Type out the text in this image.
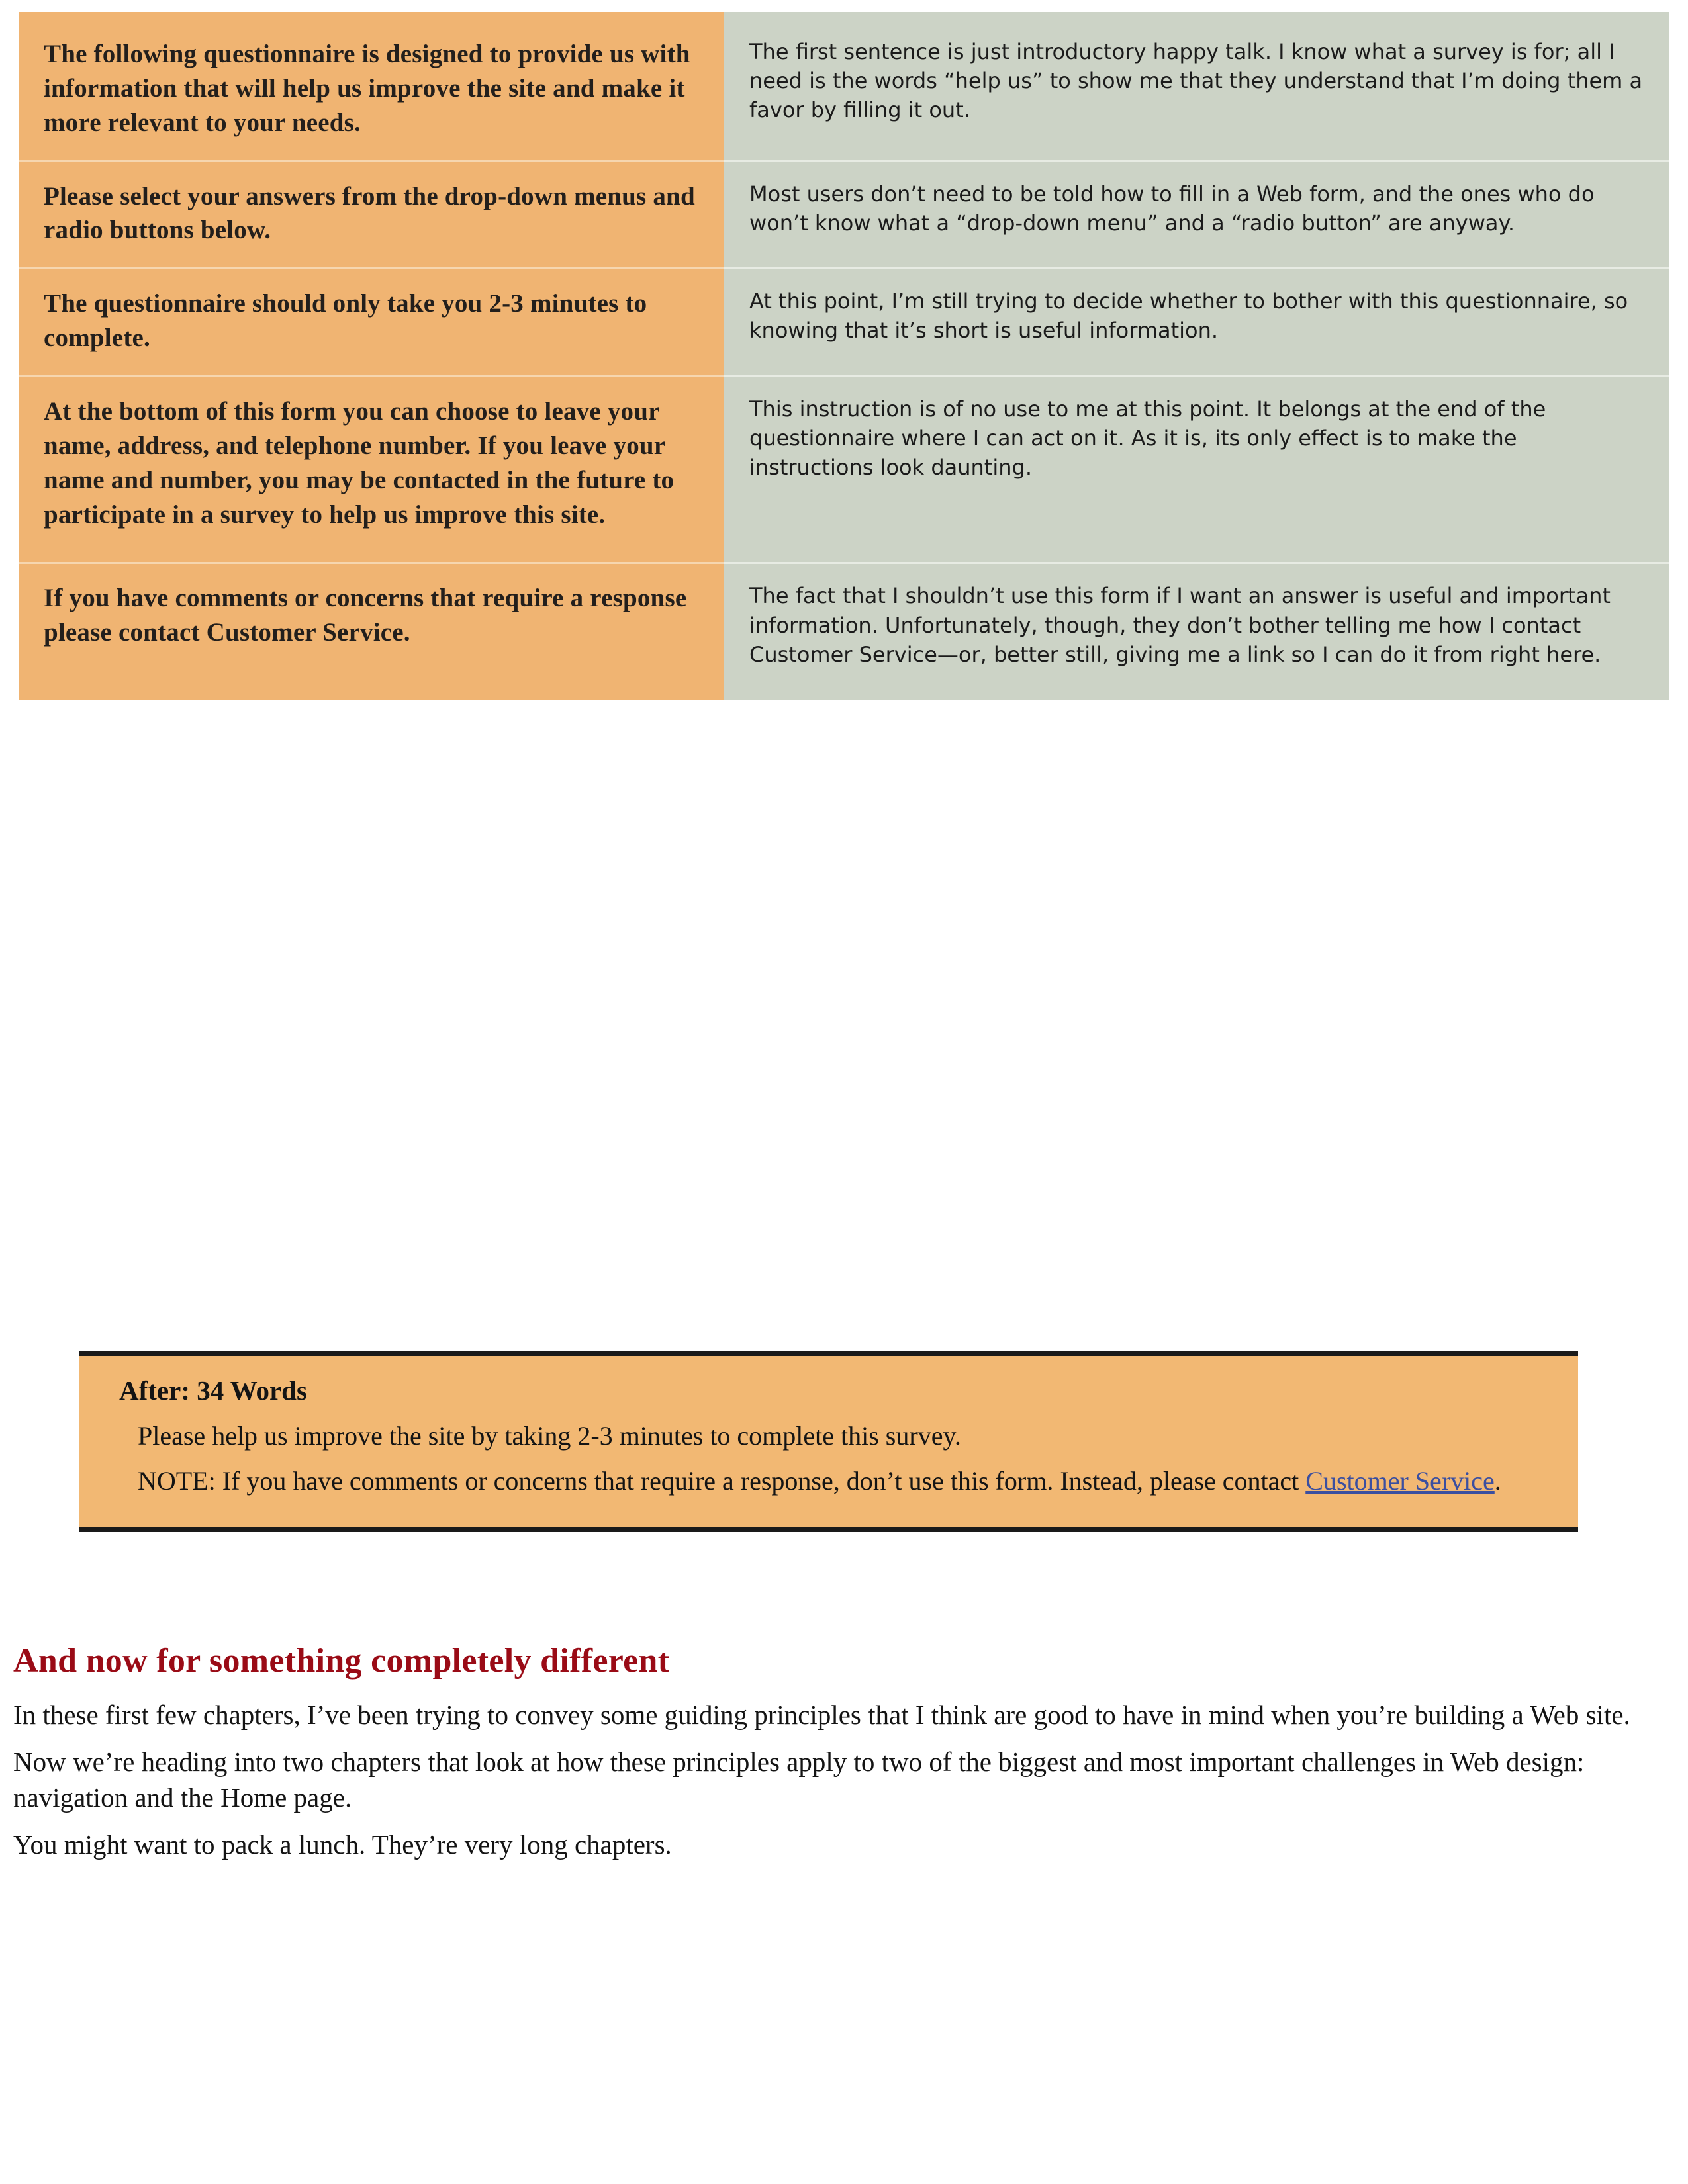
The following questionnaire is designed to provide us with information that will help us improve the site and make it more relevant to your needs.	The first sentence is just introductory happy talk. I know what a survey is for; all I need is the words “help us” to show me that they understand that I’m doing them a favor by filling it out.
Please select your answers from the drop-down menus and radio buttons below.	Most users don’t need to be told how to fill in a Web form, and the ones who do won’t know what a “drop-down menu” and a “radio button” are anyway.
The questionnaire should only take you 2-3 minutes to complete.	At this point, I’m still trying to decide whether to bother with this questionnaire, so knowing that it’s short is useful information.
At the bottom of this form you can choose to leave your name, address, and telephone number. If you leave your name and number, you may be contacted in the future to participate in a survey to help us improve this site.	This instruction is of no use to me at this point. It belongs at the end of the questionnaire where I can act on it. As it is, its only effect is to make the instructions look daunting.
If you have comments or concerns that require a response please contact Customer Service.	The fact that I shouldn’t use this form if I want an answer is useful and important information. Unfortunately, though, they don’t bother telling me how I contact Customer Service—or, better still, giving me a link so I can do it from right here.
After: 34 Words

Please help us improve the site by taking 2-3 minutes to complete this survey.

NOTE: If you have comments or concerns that require a response, don’t use this form. Instead, please contact Customer Service.

And now for something completely different

In these first few chapters, I’ve been trying to convey some guiding principles that I think are good to have in mind when you’re building a Web site.

Now we’re heading into two chapters that look at how these principles apply to two of the biggest and most important challenges in Web design: navigation and the Home page.

You might want to pack a lunch. They’re very long chapters.
